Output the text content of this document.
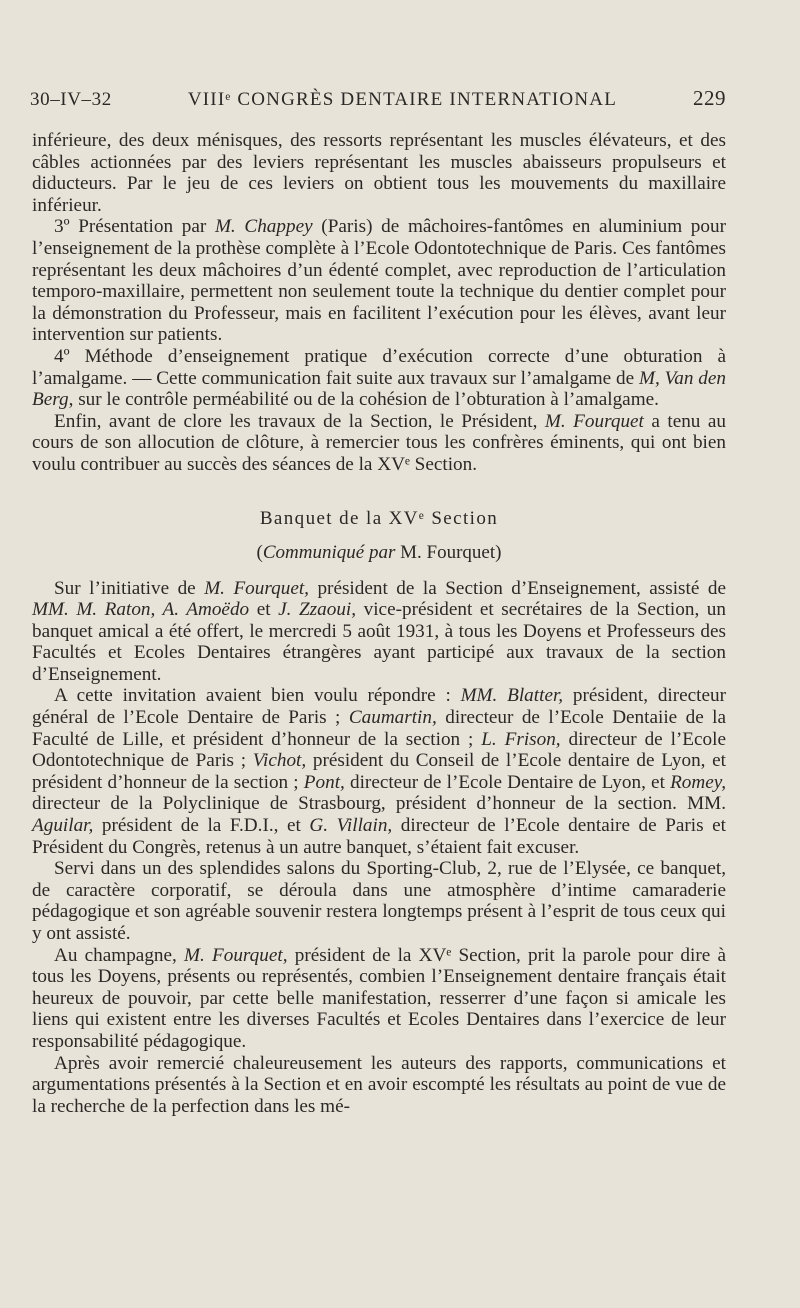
30–IV–32	VIIIᵉ CONGRÈS DENTAIRE INTERNATIONAL	229

inférieure, des deux ménisques, des ressorts représentant les muscles élévateurs, et des câbles actionnées par des leviers représentant les muscles abaisseurs propulseurs et diducteurs. Par le jeu de ces leviers on obtient tous les mouvements du maxillaire inférieur.

3º Présentation par M. Chappey (Paris) de mâchoires-fantômes en aluminium pour l’enseignement de la prothèse complète à l’Ecole Odontotechnique de Paris. Ces fantômes représentant les deux mâchoires d’un édenté complet, avec reproduction de l’articulation temporo-maxillaire, permettent non seulement toute la technique du dentier complet pour la démonstration du Professeur, mais en facilitent l’exécution pour les élèves, avant leur intervention sur patients.

4º Méthode d’enseignement pratique d’exécution correcte d’une obturation à l’amalgame. — Cette communication fait suite aux travaux sur l’amalgame de M, Van den Berg, sur le contrôle perméabilité ou de la cohésion de l’obturation à l’amalgame.

Enfin, avant de clore les travaux de la Section, le Président, M. Fourquet a tenu au cours de son allocution de clôture, à remercier tous les confrères éminents, qui ont bien voulu contribuer au succès des séances de la XVᵉ Section.

Banquet de la XVᵉ Section
(Communiqué par M. Fourquet)

Sur l’initiative de M. Fourquet, président de la Section d’Enseignement, assisté de MM. M. Raton, A. Amoëdo et J. Zzaoui, vice-président et secrétaires de la Section, un banquet amical a été offert, le mercredi 5 août 1931, à tous les Doyens et Professeurs des Facultés et Ecoles Dentaires étrangères ayant participé aux travaux de la section d’Enseignement.

A cette invitation avaient bien voulu répondre : MM. Blatter, président, directeur général de l’Ecole Dentaire de Paris ; Caumartin, directeur de l’Ecole Dentaiie de la Faculté de Lille, et président d’honneur de la section ; L. Frison, directeur de l’Ecole Odontotechnique de Paris ; Vichot, président du Conseil de l’Ecole dentaire de Lyon, et président d’honneur de la section ; Pont, directeur de l’Ecole Dentaire de Lyon, et Romey, directeur de la Polyclinique de Strasbourg, président d’honneur de la section. MM. Aguilar, président de la F.D.I., et G. Villain, directeur de l’Ecole dentaire de Paris et Président du Congrès, retenus à un autre banquet, s’étaient fait excuser.

Servi dans un des splendides salons du Sporting-Club, 2, rue de l’Elysée, ce banquet, de caractère corporatif, se déroula dans une atmosphère d’intime camaraderie pédagogique et son agréable souvenir restera longtemps présent à l’esprit de tous ceux qui y ont assisté.

Au champagne, M. Fourquet, président de la XVᵉ Section, prit la parole pour dire à tous les Doyens, présents ou représentés, combien l’Enseignement dentaire français était heureux de pouvoir, par cette belle manifestation, resserrer d’une façon si amicale les liens qui existent entre les diverses Facultés et Ecoles Dentaires dans l’exercice de leur responsabilité pédagogique.

Après avoir remercié chaleureusement les auteurs des rapports, communications et argumentations présentés à la Section et en avoir escompté les résultats au point de vue de la recherche de la perfection dans les mé-
